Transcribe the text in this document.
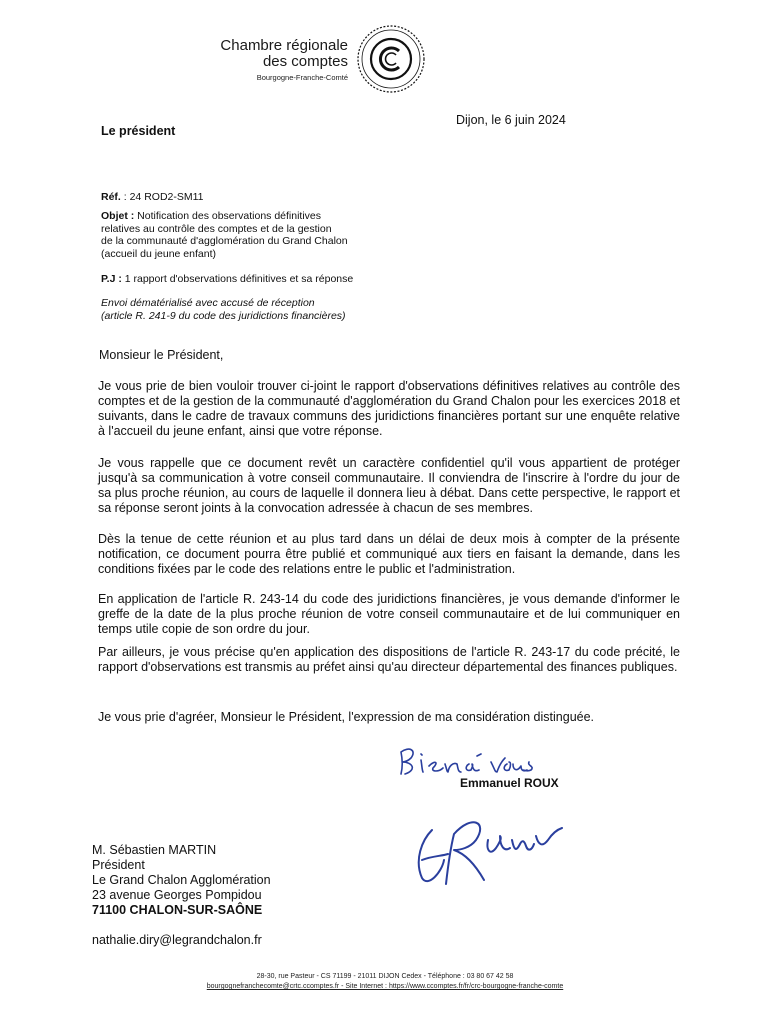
Chambre régionale
des comptes
Bourgogne-Franche-Comté
Le président
Dijon, le 6 juin 2024
Réf. : 24 ROD2-SM11
Objet : Notification des observations définitives
relatives au contrôle des comptes et de la gestion
de la communauté d'agglomération du Grand Chalon
(accueil du jeune enfant)
P.J : 1 rapport d'observations définitives et sa réponse
Envoi dématérialisé avec accusé de réception
(article R. 241-9 du code des juridictions financières)
Monsieur le Président,
Je vous prie de bien vouloir trouver ci-joint le rapport d'observations définitives relatives au contrôle des comptes et de la gestion de la communauté d'agglomération du Grand Chalon pour les exercices 2018 et suivants, dans le cadre de travaux communs des juridictions financières portant sur une enquête relative à l'accueil du jeune enfant, ainsi que votre réponse.
Je vous rappelle que ce document revêt un caractère confidentiel qu'il vous appartient de protéger jusqu'à sa communication à votre conseil communautaire. Il conviendra de l'inscrire à l'ordre du jour de sa plus proche réunion, au cours de laquelle il donnera lieu à débat. Dans cette perspective, le rapport et sa réponse seront joints à la convocation adressée à chacun de ses membres.
Dès la tenue de cette réunion et au plus tard dans un délai de deux mois à compter de la présente notification, ce document pourra être publié et communiqué aux tiers en faisant la demande, dans les conditions fixées par le code des relations entre le public et l'administration.
En application de l'article R. 243-14 du code des juridictions financières, je vous demande d'informer le greffe de la date de la plus proche réunion de votre conseil communautaire et de lui communiquer en temps utile copie de son ordre du jour.
Par ailleurs, je vous précise qu'en application des dispositions de l'article R. 243-17 du code précité, le rapport d'observations est transmis au préfet ainsi qu'au directeur départemental des finances publiques.
Je vous prie d'agréer, Monsieur le Président, l'expression de ma considération distinguée.
Emmanuel ROUX
M. Sébastien MARTIN
Président
Le Grand Chalon Agglomération
23 avenue Georges Pompidou
71100 CHALON-SUR-SAÔNE
nathalie.diry@legrandchalon.fr
28-30, rue Pasteur - CS 71199 - 21011 DIJON Cedex - Téléphone : 03 80 67 42 58
bourgognefranchecomte@crtc.ccomptes.fr - Site Internet : https://www.ccomptes.fr/fr/crc-bourgogne-franche-comte
